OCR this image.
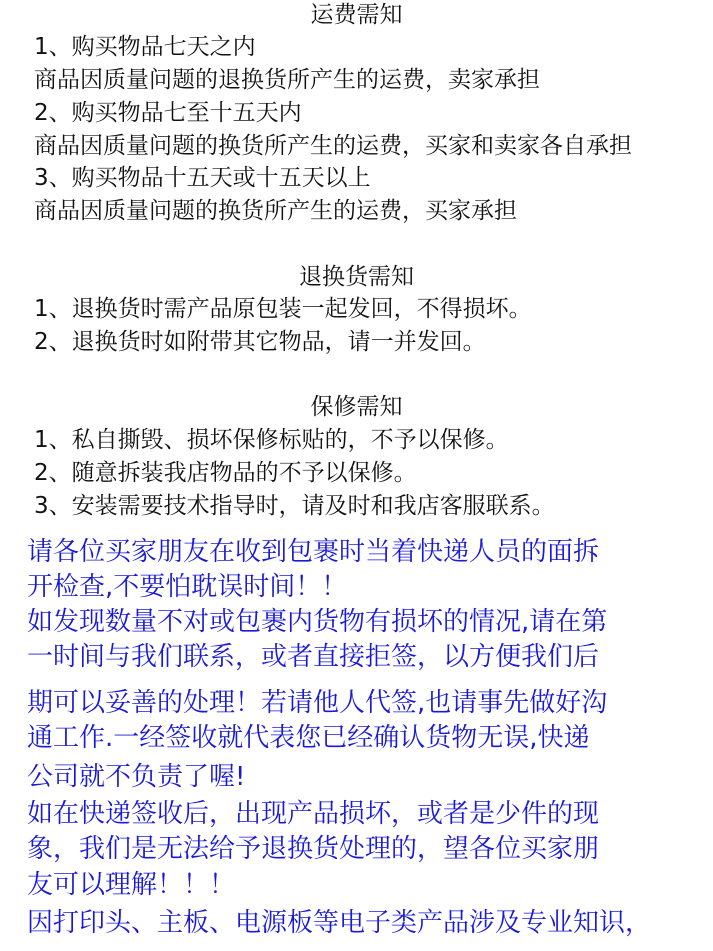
运费需知
1、购买物品七天之内
商品因质量问题的退换货所产生的运费，卖家承担
2、购买物品七至十五天内
商品因质量问题的换货所产生的运费，买家和卖家各自承担
3、购买物品十五天或十五天以上
商品因质量问题的换货所产生的运费，买家承担
退换货需知
1、退换货时需产品原包装一起发回，不得损坏。
2、退换货时如附带其它物品，请一并发回。
保修需知
1、私自撕毁、损坏保修标贴的，不予以保修。
2、随意拆装我店物品的不予以保修。
3、安装需要技术指导时，请及时和我店客服联系。
请各位买家朋友在收到包裹时当着快递人员的面拆
开检查,不要怕耽误时间！！
如发现数量不对或包裹内货物有损坏的情况,请在第
一时间与我们联系，或者直接拒签，以方便我们后
期可以妥善的处理！若请他人代签,也请事先做好沟
通工作.一经签收就代表您已经确认货物无误,快递
公司就不负责了喔!
如在快递签收后，出现产品损坏，或者是少件的现
象，我们是无法给予退换货处理的，望各位买家朋
友可以理解！！！
因打印头、主板、电源板等电子类产品涉及专业知识，
